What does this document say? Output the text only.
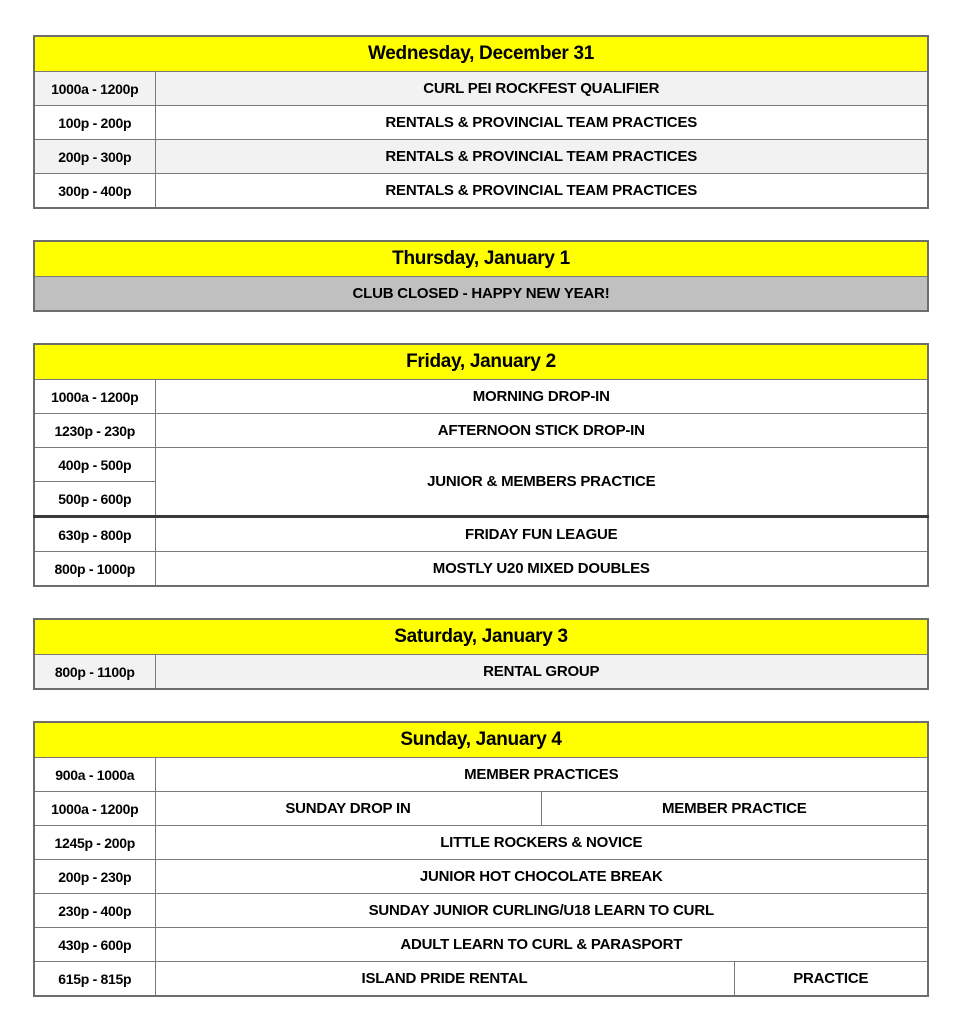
Wednesday, December 31	
1000a - 1200p	CURL PEI ROCKFEST QUALIFIER
100p - 200p	RENTALS & PROVINCIAL TEAM PRACTICES
200p - 300p	RENTALS & PROVINCIAL TEAM PRACTICES
300p - 400p	RENTALS & PROVINCIAL TEAM PRACTICES
Thursday, January 1
CLUB CLOSED - HAPPY NEW YEAR!
Friday, January 2	
1000a - 1200p	MORNING DROP-IN
1230p - 230p	AFTERNOON STICK DROP-IN
400p - 500p	JUNIOR & MEMBERS PRACTICE
500p - 600p	
630p - 800p	FRIDAY FUN LEAGUE
800p - 1000p	MOSTLY U20 MIXED DOUBLES
Saturday, January 3
800p - 1100p	RENTAL GROUP
Sunday, January 4			
900a - 1000a	MEMBER PRACTICES		
1000a - 1200p	SUNDAY DROP IN	MEMBER PRACTICE	
1245p - 200p	LITTLE ROCKERS & NOVICE		
200p - 230p	JUNIOR HOT CHOCOLATE BREAK		
230p - 400p	SUNDAY JUNIOR CURLING/U18 LEARN TO CURL		
430p - 600p	ADULT LEARN TO CURL & PARASPORT		
615p - 815p	ISLAND PRIDE RENTAL		PRACTICE
